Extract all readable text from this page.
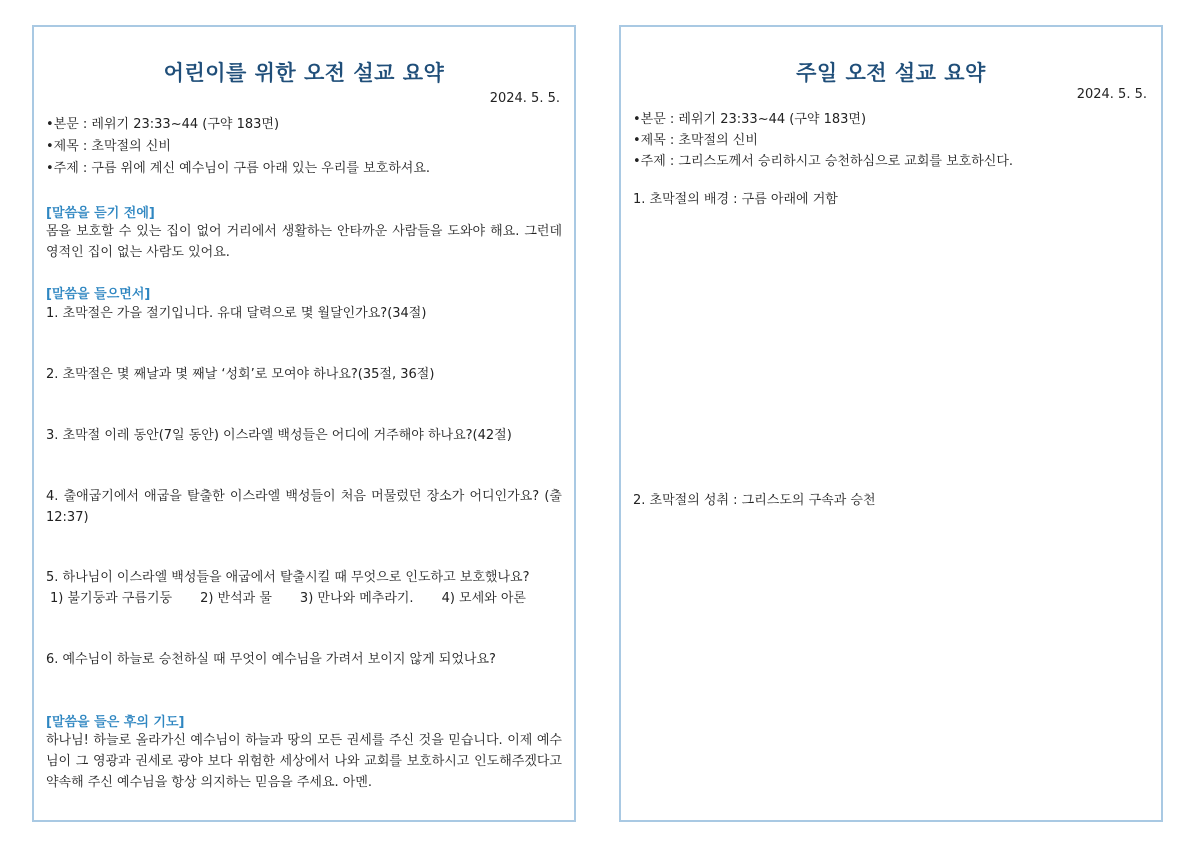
어린이를 위한 오전 설교 요약
2024. 5. 5.
•본문 : 레위기 23:33~44 (구약 183면)
•제목 : 초막절의 신비
•주제 : 구름 위에 계신 예수님이 구름 아래 있는 우리를 보호하셔요.
[말씀을 듣기 전에]
몸을 보호할 수 있는 집이 없어 거리에서 생활하는 안타까운 사람들을 도와야 해요. 그런데 영적인 집이 없는 사람도 있어요.
[말씀을 들으면서]
1. 초막절은 가을 절기입니다. 유대 달력으로 몇 월달인가요?(34절)
2. 초막절은 몇 째날과 몇 째날 ‘성회’로 모여야 하나요?(35절, 36절)
3. 초막절 이레 동안(7일 동안) 이스라엘 백성들은 어디에 거주해야 하나요?(42절)
4. 출애굽기에서 애굽을 탈출한 이스라엘 백성들이 처음 머물렀던 장소가 어디인가요? (출 12:37)
5. 하나님이 이스라엘 백성들을 애굽에서 탈출시킬 때 무엇으로 인도하고 보호했나요?
1) 불기둥과 구름기둥 2) 반석과 물 3) 만나와 메추라기. 4) 모세와 아론
6. 예수님이 하늘로 승천하실 때 무엇이 예수님을 가려서 보이지 않게 되었나요?
[말씀을 들은 후의 기도]
하나님! 하늘로 올라가신 예수님이 하늘과 땅의 모든 권세를 주신 것을 믿습니다. 이제 예수님이 그 영광과 권세로 광야 보다 위험한 세상에서 나와 교회를 보호하시고 인도해주겠다고 약속해 주신 예수님을 항상 의지하는 믿음을 주세요. 아멘.
주일 오전 설교 요약
2024. 5. 5.
•본문 : 레위기 23:33~44 (구약 183면)
•제목 : 초막절의 신비
•주제 : 그리스도께서 승리하시고 승천하심으로 교회를 보호하신다.
1. 초막절의 배경 : 구름 아래에 거함
2. 초막절의 성취 : 그리스도의 구속과 승천
